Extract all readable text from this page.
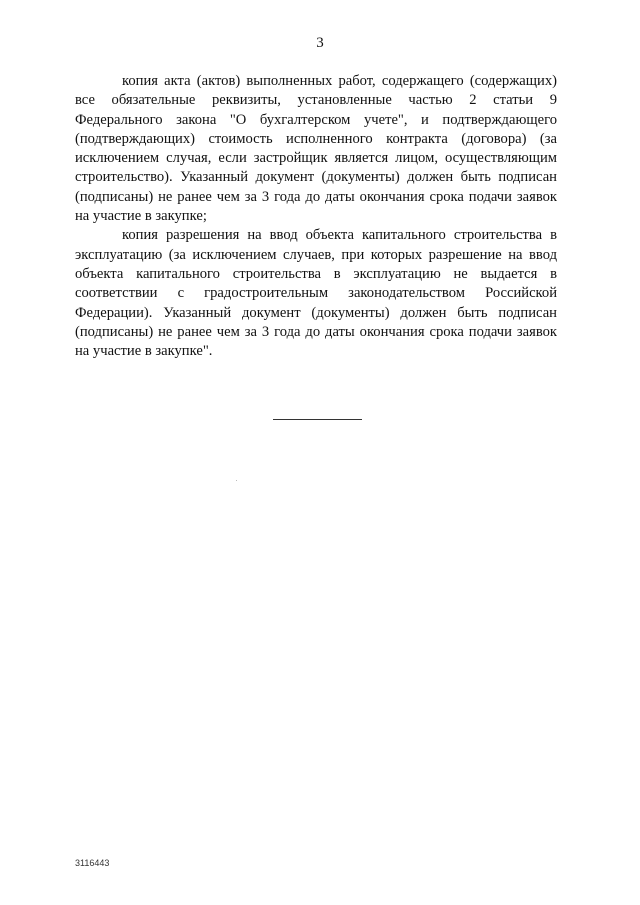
3

копия акта (актов) выполненных работ, содержащего (содержащих) все обязательные реквизиты, установленные частью 2 статьи 9 Федерального закона "О бухгалтерском учете", и подтверждающего (подтверждающих) стоимость исполненного контракта (договора) (за исключением случая, если застройщик является лицом, осуществляющим строительство). Указанный документ (документы) должен быть подписан (подписаны) не ранее чем за 3 года до даты окончания срока подачи заявок на участие в закупке;

копия разрешения на ввод объекта капитального строительства в эксплуатацию (за исключением случаев, при которых разрешение на ввод объекта капитального строительства в эксплуатацию не выдается в соответствии с градостроительным законодательством Российской Федерации). Указанный документ (документы) должен быть подписан (подписаны) не ранее чем за 3 года до даты окончания срока подачи заявок на участие в закупке".

3116443
